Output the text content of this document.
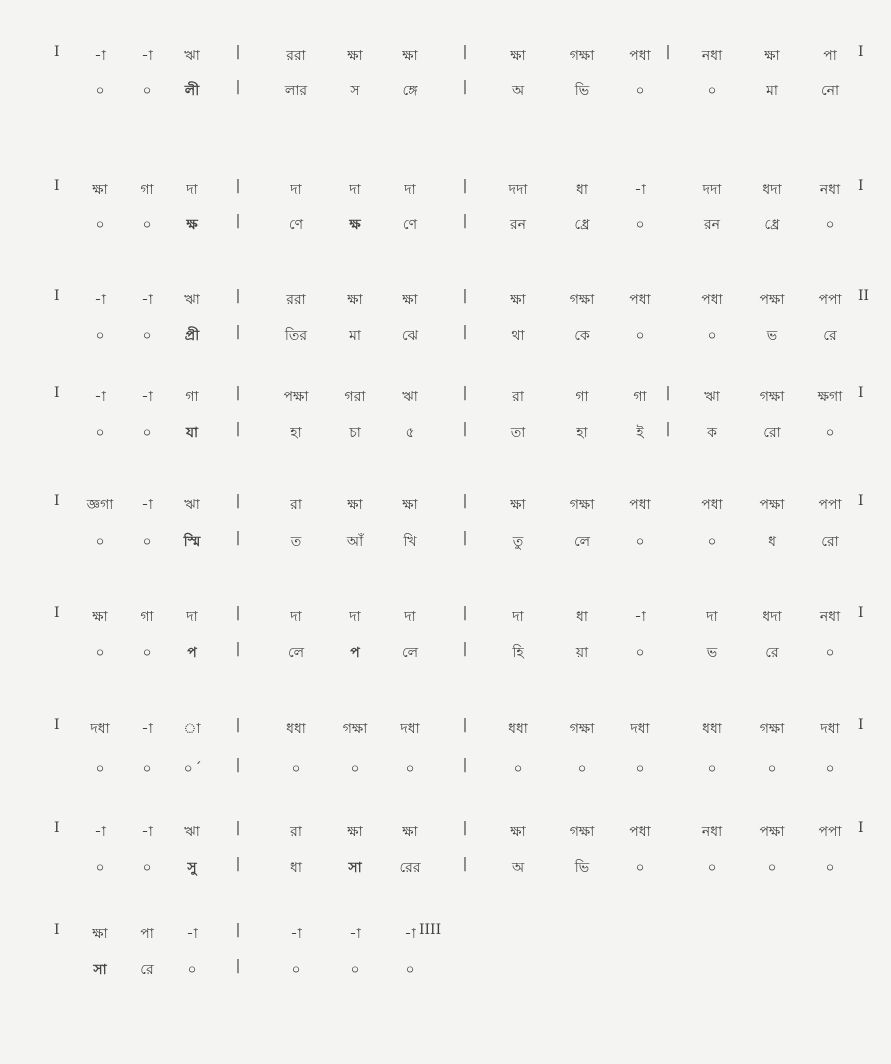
I -া	-া ঋা	|	ররা	ক্ষা	ক্ষা	|	ক্ষা	গক্ষা	পধা | নধা	ক্ষা	পা I
০	০ লী	|	লার	স	ঙ্গে	|	অ	ভি	০	০	মা	নো
I ক্ষা গা দা	|	দা	দা	দা	|	দদা	ধা	-া	দদা	ধদা	নধা I
০	০ ক্ষ	|	ণে	ক্ষ	ণে	|	রন	ধ্রে	০	রন	ধ্রে	০
I -া	-া ঋা	|	ররা	ক্ষা	ক্ষা	|	ক্ষা	গক্ষা	পধা	পধা	পক্ষা পপা II
০	০ প্রী	|	তির	মা	ঝে	|	থা	কে	০	০	ভ	রে
I -া	-া গা	|	পক্ষা	গরা	ঋা	|	রা	গা	গা | ঋা	গক্ষা ক্ষগা I
০	০ যা	|	হা	চা	৫	|	তা	হা	ই |	ক	রো	০
I জ্ঞগা -া ঋা	|	রা	ক্ষা	ক্ষা	|	ক্ষা	গক্ষা	পধা	পধা	পক্ষা পপা I
০	০ স্মি	|	ত	আঁ	খি	|	তু	লে	০	০	ধ	রো
I ক্ষা গা দা	|	দা	দা	দা	|	দা	ধা	-া	দা	ধদা	নধা I
০	০	প	|	লে	প	লে	|	হি	য়া	০	ভ	রে	০
I দধা -া া	|	ধধা	গক্ষা দধা	|	ধধা	গক্ষা	দধা	ধধা	গক্ষা	দধা I
০	০ ০ ՛	|	০	০	০	|	০	০	০	০	০	০
I -া	-া ঋা	|	রা	ক্ষা	ক্ষা	|	ক্ষা	গক্ষা	পধা	নধা	পক্ষা পপা I
০	০	সু	|	ধা	সা	রের	|	অ	ভি	০	০	০	০
I ক্ষা পা -া	|	-া	-া	-া IIII
সা রে ০	|	০	০	০
